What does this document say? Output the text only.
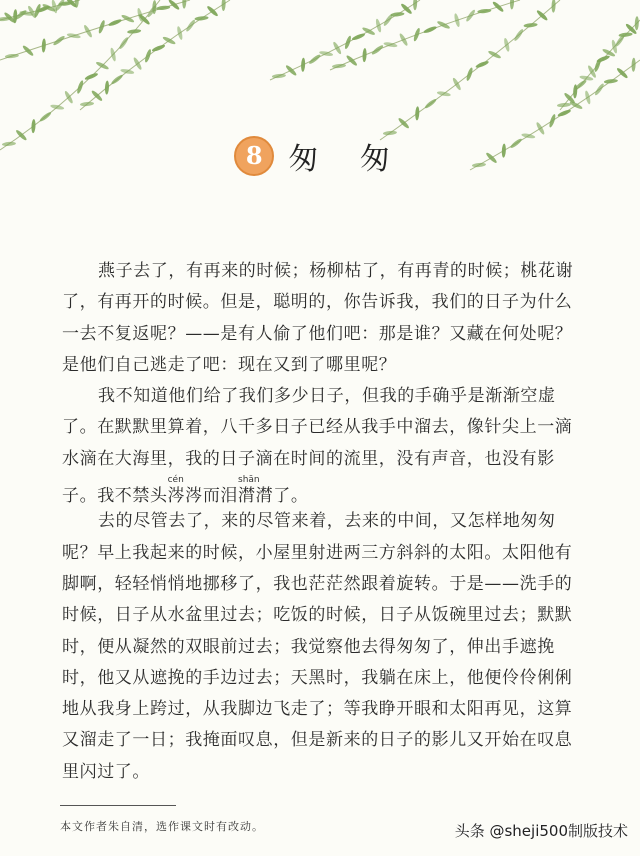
8 匆 匆
燕子去了，有再来的时候；杨柳枯了，有再青的时候；桃花谢
了，有再开的时候。但是，聪明的，你告诉我，我们的日子为什么
一去不复返呢？——是有人偷了他们吧：那是谁？又藏在何处呢？
是他们自己逃走了吧：现在又到了哪里呢？
我不知道他们给了我们多少日子，但我的手确乎是渐渐空虚
了。在默默里算着，八千多日子已经从我手中溜去，像针尖上一滴
水滴在大海里，我的日子滴在时间的流里，没有声音，也没有影
子。我不禁头
cén
涔涔而泪
shān
潸潸了。
去的尽管去了，来的尽管来着，去来的中间，又怎样地匆匆
呢？早上我起来的时候，小屋里射进两三方斜斜的太阳。太阳他有
脚啊，轻轻悄悄地挪移了，我也茫茫然跟着旋转。于是——洗手的
时候，日子从水盆里过去；吃饭的时候，日子从饭碗里过去；默默
时，便从凝然的双眼前过去；我觉察他去得匆匆了，伸出手遮挽
时，他又从遮挽的手边过去；天黑时，我躺在床上，他便伶伶俐俐
地从我身上跨过，从我脚边飞走了；等我睁开眼和太阳再见，这算
又溜走了一日；我掩面叹息，但是新来的日子的影儿又开始在叹息
里闪过了。
本文作者朱自清，选作课文时有改动。	头条 @sheji500制版技术
